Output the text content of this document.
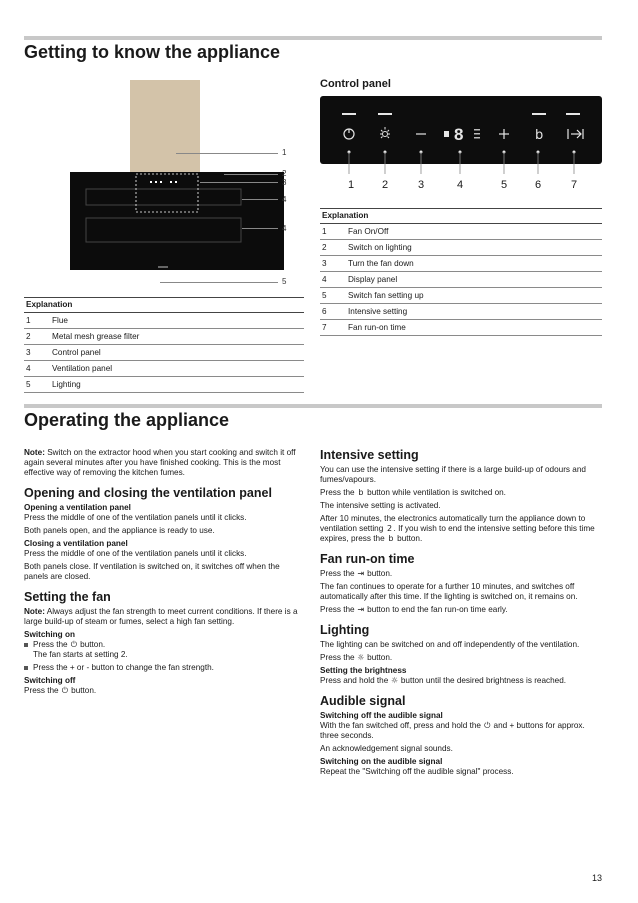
Getting to know the appliance
1
2
3
4
4
5
Explanation	
1	Flue
2	Metal mesh grease filter
3	Control panel
4	Ventilation panel
5	Lighting
Control panel
8	b
1	2	3	4	5	6	7
Explanation	
1	Fan On/Off
2	Switch on lighting
3	Turn the fan down
4	Display panel
5	Switch fan setting up
6	Intensive setting
7	Fan run-on time
Operating the appliance

Note: Switch on the extractor hood when you start cooking and switch it off again several minutes after you have finished cooking. This is the most effective way of removing the kitchen fumes.

Opening and closing the ventilation panel
Opening a ventilation panel

Press the middle of one of the ventilation panels until it clicks.

Both panels open, and the appliance is ready to use.

Closing a ventilation panel

Press the middle of one of the ventilation panels until it clicks.

Both panels close. If ventilation is switched on, it switches off when the panels are closed.

Setting the fan

Note: Always adjust the fan strength to meet current conditions. If there is a large build-up of steam or fumes, select a high fan setting.

Switching on
Press the ⏻ button.
The fan starts at setting 2.
Press the + or - button to change the fan strength.
Switching off

Press the ⏻ button.

Intensive setting

You can use the intensive setting if there is a large build-up of odours and fumes/vapours.

Press the b button while ventilation is switched on.

The intensive setting is activated.

After 10 minutes, the electronics automatically turn the appliance down to ventilation setting 2. If you wish to end the intensive setting before this time expires, press the b button.

Fan run-on time

Press the ⇥ button.

The fan continues to operate for a further 10 minutes, and switches off automatically after this time. If the lighting is switched on, it remains on.

Press the ⇥ button to end the fan run-on time early.

Lighting

The lighting can be switched on and off independently of the ventilation.

Press the ☼ button.

Setting the brightness

Press and hold the ☼ button until the desired brightness is reached.

Audible signal
Switching off the audible signal

With the fan switched off, press and hold the ⏻ and + buttons for approx. three seconds.

An acknowledgement signal sounds.

Switching on the audible signal

Repeat the "Switching off the audible signal" process.

13
